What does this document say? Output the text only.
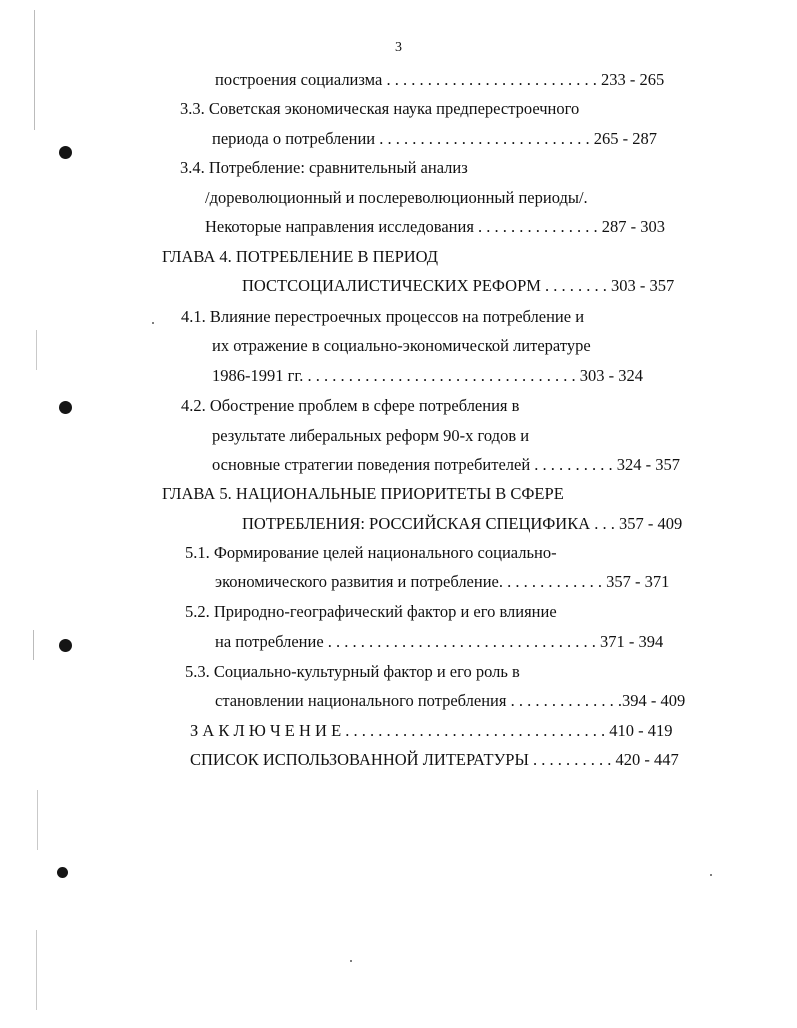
3
построения социализма . . . . . . . . . . . . . . . . . . . . . . . . . . 233 - 265
3.3. Советская экономическая наука предперестроечного
периода о потреблении . . . . . . . . . . . . . . . . . . . . . . . . . . 265 - 287
3.4. Потребление: сравнительный анализ
/дореволюционный и послереволюционный периоды/.
Некоторые направления исследования . . . . . . . . . . . . . . . 287 - 303
ГЛАВА 4. ПОТРЕБЛЕНИЕ В ПЕРИОД
ПОСТСОЦИАЛИСТИЧЕСКИХ РЕФОРМ . . . . . . . . 303 - 357
4.1. Влияние перестроечных процессов на потребление и
их отражение в социально-экономической литературе
1986-1991 гг. . . . . . . . . . . . . . . . . . . . . . . . . . . . . . . . . . 303 - 324
4.2. Обострение проблем в сфере потребления в
результате либеральных реформ 90-х годов и
основные стратегии поведения потребителей . . . . . . . . . . 324 - 357
ГЛАВА 5. НАЦИОНАЛЬНЫЕ ПРИОРИТЕТЫ В СФЕРЕ
ПОТРЕБЛЕНИЯ: РОССИЙСКАЯ СПЕЦИФИКА . . . 357 - 409
5.1. Формирование целей национального социально-
экономического развития и потребление. . . . . . . . . . . . . 357 - 371
5.2. Природно-географический фактор и его влияние
на потребление . . . . . . . . . . . . . . . . . . . . . . . . . . . . . . . . . 371 - 394
5.3. Социально-культурный фактор и его роль в
становлении национального потребления . . . . . . . . . . . . . .394 - 409
З А К Л Ю Ч Е Н И Е . . . . . . . . . . . . . . . . . . . . . . . . . . . . . . . . 410 - 419
СПИСОК ИСПОЛЬЗОВАННОЙ ЛИТЕРАТУРЫ . . . . . . . . . . 420 - 447
